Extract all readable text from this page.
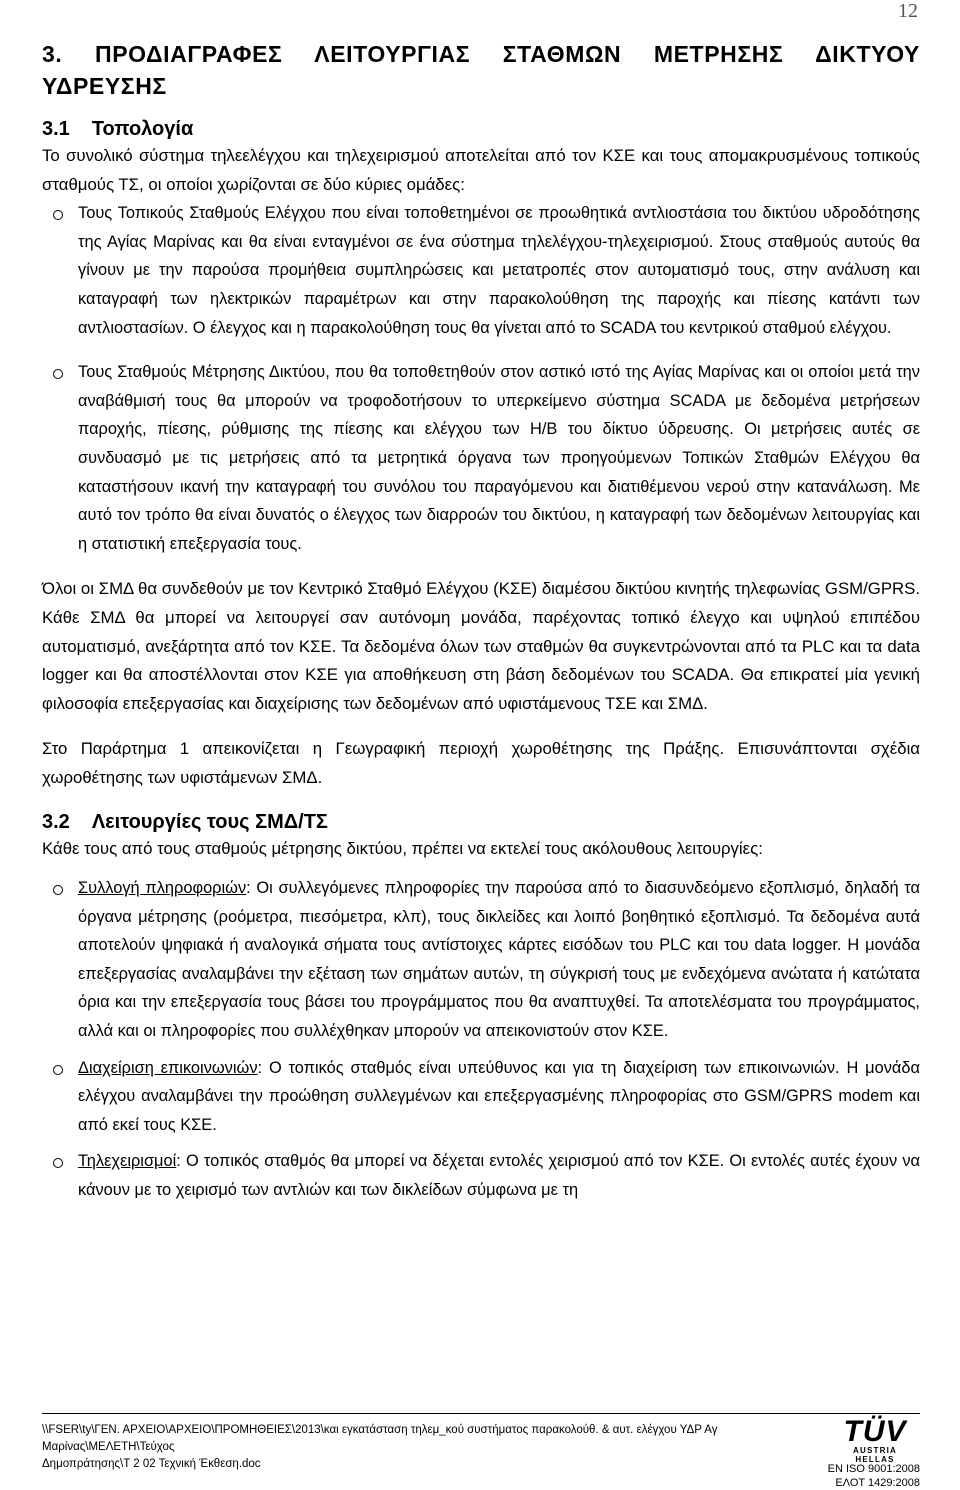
12
3. ΠΡΟΔΙΑΓΡΑΦΕΣ ΛΕΙΤΟΥΡΓΙΑΣ ΣΤΑΘΜΩΝ ΜΕΤΡΗΣΗΣ ΔΙΚΤΥΟΥ
ΥΔΡΕΥΣΗΣ
3.1 Τοπολογία

Το συνολικό σύστημα τηλεελέγχου και τηλεχειρισμού αποτελείται από τον ΚΣΕ και τους απομακρυσμένους τοπικούς σταθμούς ΤΣ, οι οποίοι χωρίζονται σε δύο κύριες ομάδες:

Τους Τοπικούς Σταθμούς Ελέγχου που είναι τοποθετημένοι σε προωθητικά αντλιοστάσια του δικτύου υδροδότησης της Αγίας Μαρίνας και θα είναι ενταγμένοι σε ένα σύστημα τηλελέγχου-τηλεχειρισμού. Στους σταθμούς αυτούς θα γίνουν με την παρούσα προμήθεια συμπληρώσεις και μετατροπές στον αυτοματισμό τους, στην ανάλυση και καταγραφή των ηλεκτρικών παραμέτρων και στην παρακολούθηση της παροχής και πίεσης κατάντι των αντλιοστασίων. Ο έλεγχος και η παρακολούθηση τους θα γίνεται από το SCADA του κεντρικού σταθμού ελέγχου.

Τους Σταθμούς Μέτρησης Δικτύου, που θα τοποθετηθούν στον αστικό ιστό της Αγίας Μαρίνας και οι οποίοι μετά την αναβάθμισή τους θα μπορούν να τροφοδοτήσουν το υπερκείμενο σύστημα SCADA με δεδομένα μετρήσεων παροχής, πίεσης, ρύθμισης της πίεσης και ελέγχου των Η/Β του δίκτυο ύδρευσης. Οι μετρήσεις αυτές σε συνδυασμό με τις μετρήσεις από τα μετρητικά όργανα των προηγούμενων Τοπικών Σταθμών Ελέγχου θα καταστήσουν ικανή την καταγραφή του συνόλου του παραγόμενου και διατιθέμενου νερού στην κατανάλωση. Με αυτό τον τρόπο θα είναι δυνατός ο έλεγχος των διαρροών του δικτύου, η καταγραφή των δεδομένων λειτουργίας και η στατιστική επεξεργασία τους.

Όλοι οι ΣΜΔ θα συνδεθούν με τον Κεντρικό Σταθμό Ελέγχου (ΚΣΕ) διαμέσου δικτύου κινητής τηλεφωνίας GSM/GPRS. Κάθε ΣΜΔ θα μπορεί να λειτουργεί σαν αυτόνομη μονάδα, παρέχοντας τοπικό έλεγχο και υψηλού επιπέδου αυτοματισμό, ανεξάρτητα από τον ΚΣΕ. Τα δεδομένα όλων των σταθμών θα συγκεντρώνονται από τα PLC και τα data logger και θα αποστέλλονται στον ΚΣΕ για αποθήκευση στη βάση δεδομένων του SCADA. Θα επικρατεί μία γενική φιλοσοφία επεξεργασίας και διαχείρισης των δεδομένων από υφιστάμενους ΤΣΕ και ΣΜΔ.

Στο Παράρτημα 1 απεικονίζεται η Γεωγραφική περιοχή χωροθέτησης της Πράξης. Επισυνάπτονται σχέδια χωροθέτησης των υφιστάμενων ΣΜΔ.

3.2 Λειτουργίες τους ΣΜΔ/ΤΣ

Κάθε τους από τους σταθμούς μέτρησης δικτύου, πρέπει να εκτελεί τους ακόλουθους λειτουργίες:

Συλλογή πληροφοριών: Οι συλλεγόμενες πληροφορίες την παρούσα από το διασυνδεόμενο εξοπλισμό, δηλαδή τα όργανα μέτρησης (ροόμετρα, πιεσόμετρα, κλπ), τους δικλείδες και λοιπό βοηθητικό εξοπλισμό. Τα δεδομένα αυτά αποτελούν ψηφιακά ή αναλογικά σήματα τους αντίστοιχες κάρτες εισόδων του PLC και του data logger. Η μονάδα επεξεργασίας αναλαμβάνει την εξέταση των σημάτων αυτών, τη σύγκρισή τους με ενδεχόμενα ανώτατα ή κατώτατα όρια και την επεξεργασία τους βάσει του προγράμματος που θα αναπτυχθεί. Τα αποτελέσματα του προγράμματος, αλλά και οι πληροφορίες που συλλέχθηκαν μπορούν να απεικονιστούν στον ΚΣΕ.

Διαχείριση επικοινωνιών: Ο τοπικός σταθμός είναι υπεύθυνος και για τη διαχείριση των επικοινωνιών. Η μονάδα ελέγχου αναλαμβάνει την προώθηση συλλεγμένων και επεξεργασμένης πληροφορίας στο GSM/GPRS modem και από εκεί τους ΚΣΕ.

Τηλεχειρισμοί: Ο τοπικός σταθμός θα μπορεί να δέχεται εντολές χειρισμού από τον ΚΣΕ. Οι εντολές αυτές έχουν να κάνουν με το χειρισμό των αντλιών και των δικλείδων σύμφωνα με τη

\\FSER\ty\ΓΕΝ. ΑΡΧΕΙΟ\ΑΡΧΕΙΟ\ΠΡΟΜΗΘΕΙΕΣ\2013\και εγκατάσταση τηλεμ_κού συστήματος παρακολούθ. & αυτ. ελέγχου ΥΔΡ Αγ Μαρίνας\ΜΕΛΕΤΗ\Τεύχος
Δημοπράτησης\Τ 2 02 Τεχνική Έκθεση.doc
TÜV
AUSTRIA
HELLAS
EN ISO 9001:2008
ΕΛΟΤ 1429:2008
